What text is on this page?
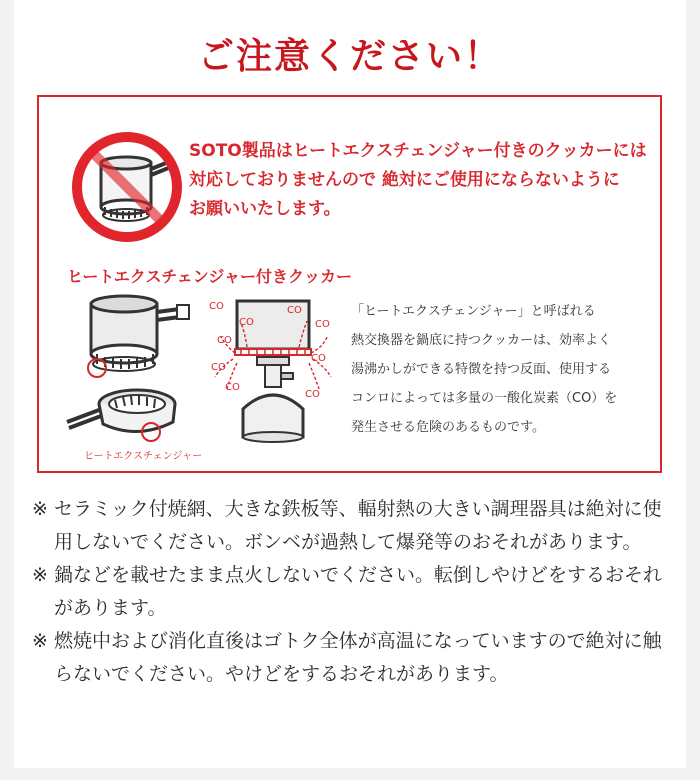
ご注意ください！
SOTO製品はヒートエクスチェンジャー付きのクッカーには
対応しておりませんので 絶対にご使用にならないように
お願いいたします。
ヒートエクスチェンジャー付きクッカー
ヒートエクスチェンジャー
CO
CO
CO
CO
CO
CO
CO
CO
CO
「ヒートエクスチェンジャー」と呼ばれる
熱交換器を鍋底に持つクッカーは、効率よく
湯沸かしができる特徴を持つ反面、使用する
コンロによっては多量の一酸化炭素（CO）を
発生させる危険のあるものです。
※ セラミック付焼網、大きな鉄板等、輻射熱の大きい調理器具は絶対に使用しないでください。ボンベが過熱して爆発等のおそれがあります。
※ 鍋などを載せたまま点火しないでください。転倒しやけどをするおそれがあります。
※ 燃焼中および消化直後はゴトク全体が高温になっていますので絶対に触らないでください。やけどをするおそれがあります。
